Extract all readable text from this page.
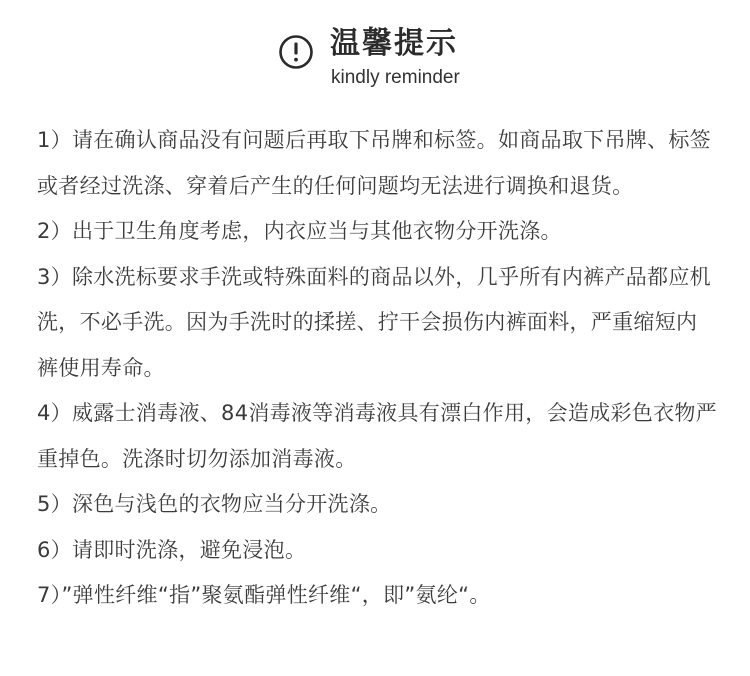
温馨提示
kindly reminder

1）请在确认商品没有问题后再取下吊牌和标签。如商品取下吊牌、标签或者经过洗涤、穿着后产生的任何问题均无法进行调换和退货。

2）出于卫生角度考虑，内衣应当与其他衣物分开洗涤。

3）除水洗标要求手洗或特殊面料的商品以外，几乎所有内裤产品都应机洗，不必手洗。因为手洗时的揉搓、拧干会损伤内裤面料，严重缩短内裤使用寿命。

4）威露士消毒液、84消毒液等消毒液具有漂白作用，会造成彩色衣物严重掉色。洗涤时切勿添加消毒液。

5）深色与浅色的衣物应当分开洗涤。

6）请即时洗涤，避免浸泡。

7）”弹性纤维“指”聚氨酯弹性纤维“，即”氨纶“。
